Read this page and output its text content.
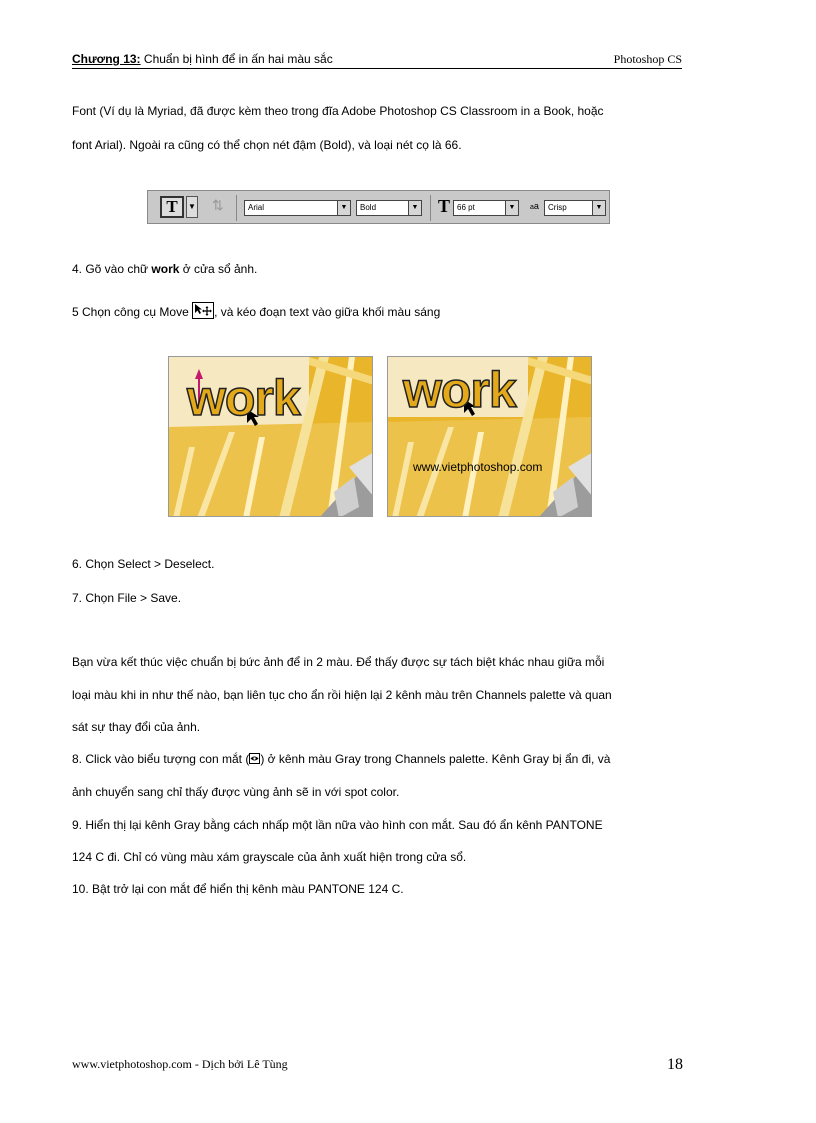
Chương 13: Chuẩn bị hình để in ấn hai màu sắc	Photoshop CS
Font (Ví dụ là Myriad, đã được kèm theo trong đĩa Adobe Photoshop CS Classroom in a Book, hoặc
font Arial). Ngoài ra cũng có thể chọn nét đậm (Bold), và loại nét cọ là 66.
T	▼ ⇅	Arial	▼	Bold	▼ T 66 pt	▼	aa	Crisp	▼
4. Gõ vào chữ work ở cửa sổ ảnh.
5 Chọn công cụ Move , và kéo đoạn text vào giữa khối màu sáng
work work
www.vietphotoshop.com
6. Chọn Select > Deselect.
7. Chọn File > Save.
Bạn vừa kết thúc việc chuẩn bị bức ảnh để in 2 màu. Để thấy được sự tách biệt khác nhau giữa mỗi
loại màu khi in như thế nào, bạn liên tục cho ẩn rồi hiện lại 2 kênh màu trên Channels palette và quan
sát sự thay đổi của ảnh.
8. Click vào biểu tượng con mắt ( ) ở kênh màu Gray trong Channels palette. Kênh Gray bị ẩn đi, và
ảnh chuyển sang chỉ thấy được vùng ảnh sẽ in với spot color.
9. Hiển thị lại kênh Gray bằng cách nhấp một lần nữa vào hình con mắt. Sau đó ẩn kênh PANTONE
124 C đi. Chỉ có vùng màu xám grayscale của ảnh xuất hiện trong cửa sổ.
10. Bật trở lại con mắt để hiển thị kênh màu PANTONE 124 C.
www.vietphotoshop.com - Dịch bởi Lê Tùng	18
